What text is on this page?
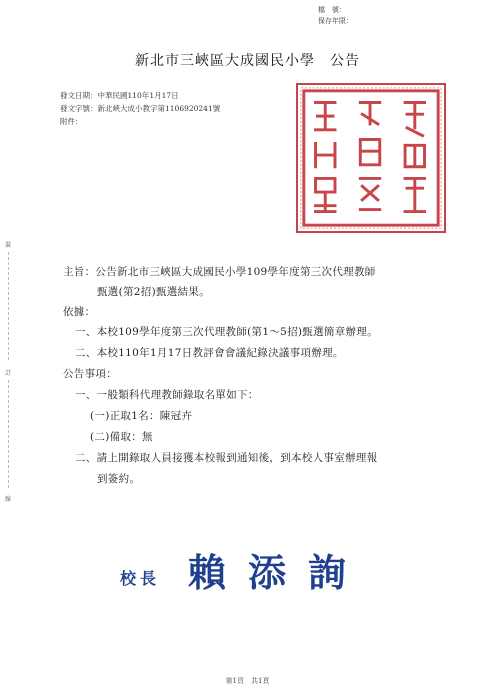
檔　號：
保存年限：
新北市三峽區大成國民小學　公告
發文日期：中華民國110年1月17日
發文字號：新北峽大成小教字第1106920241號
附件：
裝
訂
線
主旨：公告新北市三峽區大成國民小學109學年度第三次代理教師
甄選(第2招)甄選結果。
依據：
一、本校109學年度第三次代理教師(第1～5招)甄選簡章辦理。
二、本校110年1月17日教評會會議紀錄決議事項辦理。
公告事項：
一、一般類科代理教師錄取名單如下：
(一)正取1名：陳冠卉
(二)備取：無
二、請上開錄取人員接獲本校報到通知後，到本校人事室辦理報
到簽約。
校長 賴添詢
第1頁　共1頁
